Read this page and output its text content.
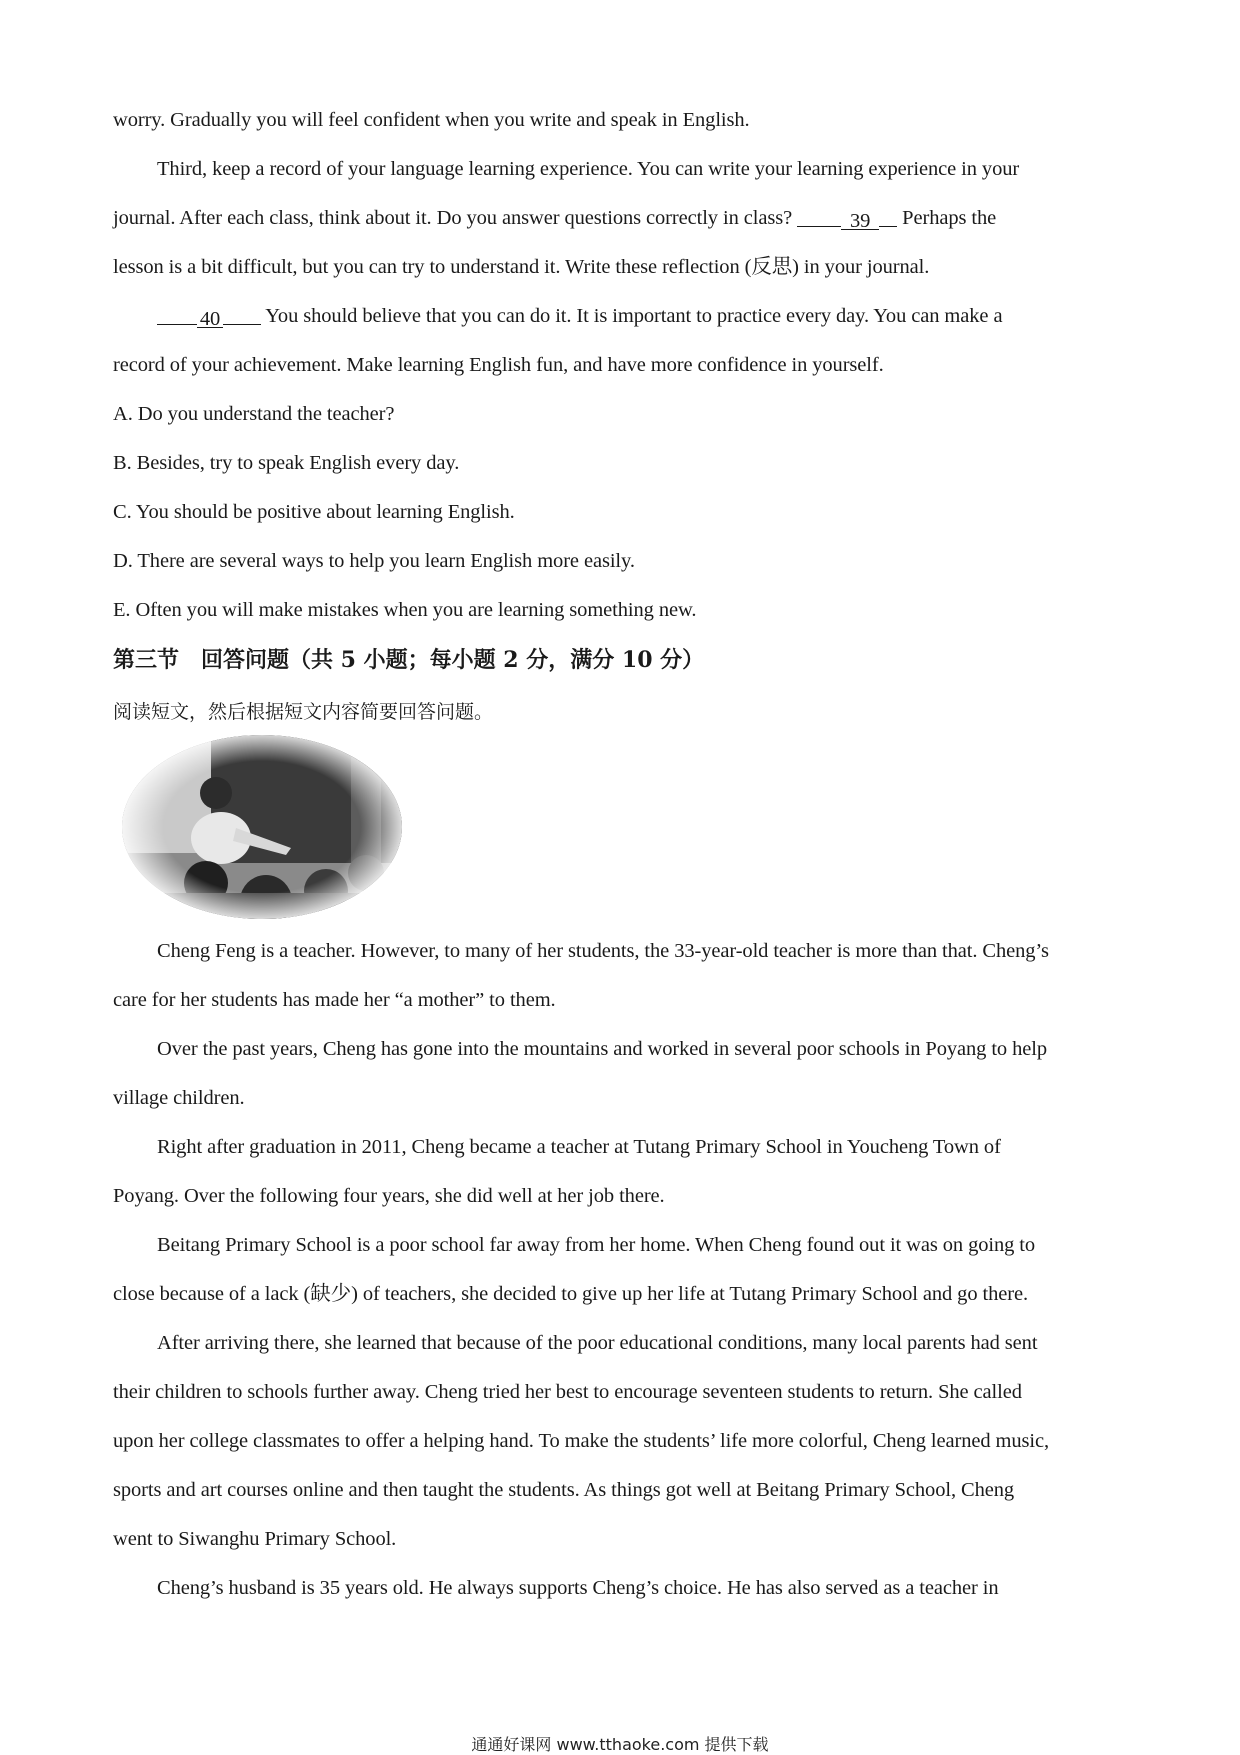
worry. Gradually you will feel confident when you write and speak in English.
Third, keep a record of your language learning experience. You can write your learning experience in your
journal. After each class, think about it. Do you answer questions correctly in class?	39 Perhaps the
lesson is a bit difficult, but you can try to understand it. Write these reflection (反思) in your journal.
40 You should believe that you can do it. It is important to practice every day. You can make a
record of your achievement. Make learning English fun, and have more confidence in yourself.
A. Do you understand the teacher?
B. Besides, try to speak English every day.
C. You should be positive about learning English.
D. There are several ways to help you learn English more easily.
E. Often you will make mistakes when you are learning something new.
第三节　回答问题（共 5 小题；每小题 2 分，满分 10 分）
阅读短文，然后根据短文内容简要回答问题。
Cheng Feng is a teacher. However, to many of her students, the 33-year-old teacher is more than that. Cheng’s
care for her students has made her “a mother” to them.
Over the past years, Cheng has gone into the mountains and worked in several poor schools in Poyang to help
village children.
Right after graduation in 2011, Cheng became a teacher at Tutang Primary School in Youcheng Town of
Poyang. Over the following four years, she did well at her job there.
Beitang Primary School is a poor school far away from her home. When Cheng found out it was on going to
close because of a lack (缺少) of teachers, she decided to give up her life at Tutang Primary School and go there.
After arriving there, she learned that because of the poor educational conditions, many local parents had sent
their children to schools further away. Cheng tried her best to encourage seventeen students to return. She called
upon her college classmates to offer a helping hand. To make the students’ life more colorful, Cheng learned music,
sports and art courses online and then taught the students. As things got well at Beitang Primary School, Cheng
went to Siwanghu Primary School.
Cheng’s husband is 35 years old. He always supports Cheng’s choice. He has also served as a teacher in
通通好课网 www.tthaoke.com 提供下载
